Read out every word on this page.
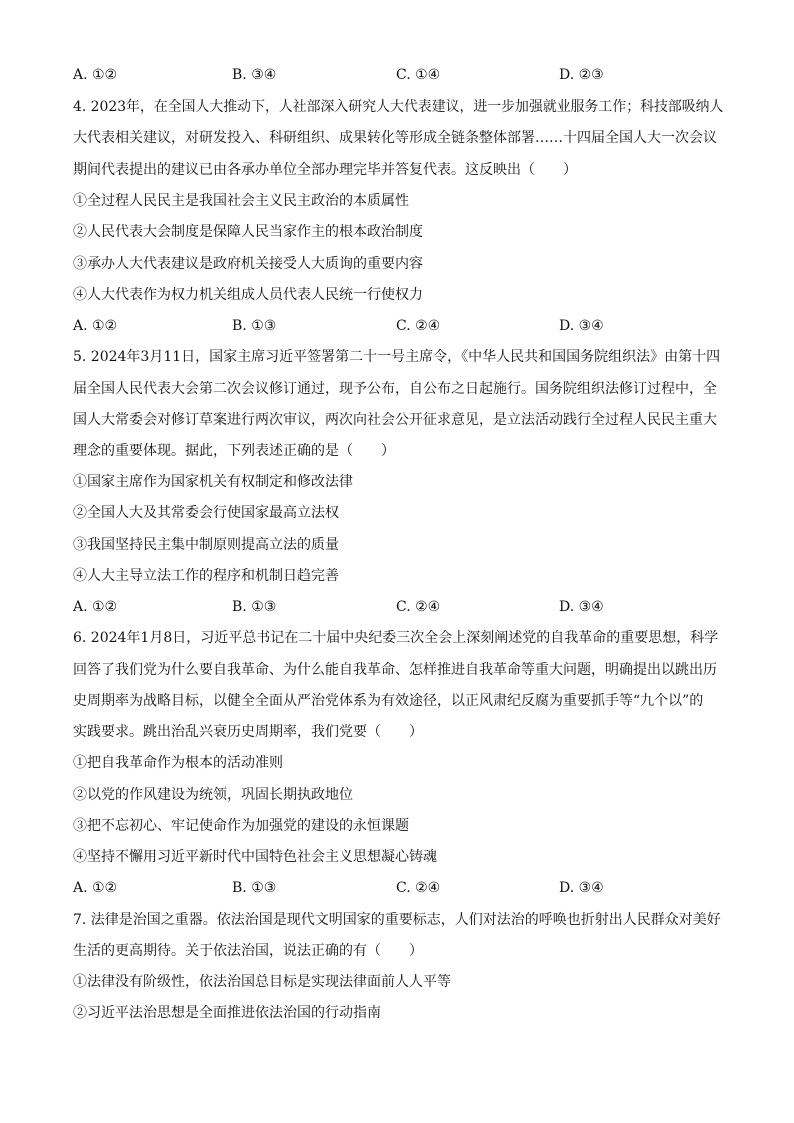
A. ①②	B. ③④	C. ①④	D. ②③
4. 2023年，在全国人大推动下，人社部深入研究人大代表建议，进一步加强就业服务工作；科技部吸纳人
大代表相关建议，对研发投入、科研组织、成果转化等形成全链条整体部署……十四届全国人大一次会议
期间代表提出的建议已由各承办单位全部办理完毕并答复代表。这反映出（　　）
①全过程人民民主是我国社会主义民主政治的本质属性
②人民代表大会制度是保障人民当家作主的根本政治制度
③承办人大代表建议是政府机关接受人大质询的重要内容
④人大代表作为权力机关组成人员代表人民统一行使权力
A. ①②	B. ①③	C. ②④	D. ③④
5. 2024年3月11日，国家主席习近平签署第二十一号主席令，《中华人民共和国国务院组织法》由第十四
届全国人民代表大会第二次会议修订通过，现予公布，自公布之日起施行。国务院组织法修订过程中，全
国人大常委会对修订草案进行两次审议，两次向社会公开征求意见，是立法活动践行全过程人民民主重大
理念的重要体现。据此，下列表述正确的是（　　）
①国家主席作为国家机关有权制定和修改法律
②全国人大及其常委会行使国家最高立法权
③我国坚持民主集中制原则提高立法的质量
④人大主导立法工作的程序和机制日趋完善
A. ①②	B. ①③	C. ②④	D. ③④
6. 2024年1月8日，习近平总书记在二十届中央纪委三次全会上深刻阐述党的自我革命的重要思想，科学
回答了我们党为什么要自我革命、为什么能自我革命、怎样推进自我革命等重大问题，明确提出以跳出历
史周期率为战略目标，以健全全面从严治党体系为有效途径，以正风肃纪反腐为重要抓手等“九个以”的
实践要求。跳出治乱兴衰历史周期率，我们党要（　　）
①把自我革命作为根本的活动准则
②以党的作风建设为统领，巩固长期执政地位
③把不忘初心、牢记使命作为加强党的建设的永恒课题
④坚持不懈用习近平新时代中国特色社会主义思想凝心铸魂
A. ①②	B. ①③	C. ②④	D. ③④
7. 法律是治国之重器。依法治国是现代文明国家的重要标志，人们对法治的呼唤也折射出人民群众对美好
生活的更高期待。关于依法治国，说法正确的有（　　）
①法律没有阶级性，依法治国总目标是实现法律面前人人平等
②习近平法治思想是全面推进依法治国的行动指南
